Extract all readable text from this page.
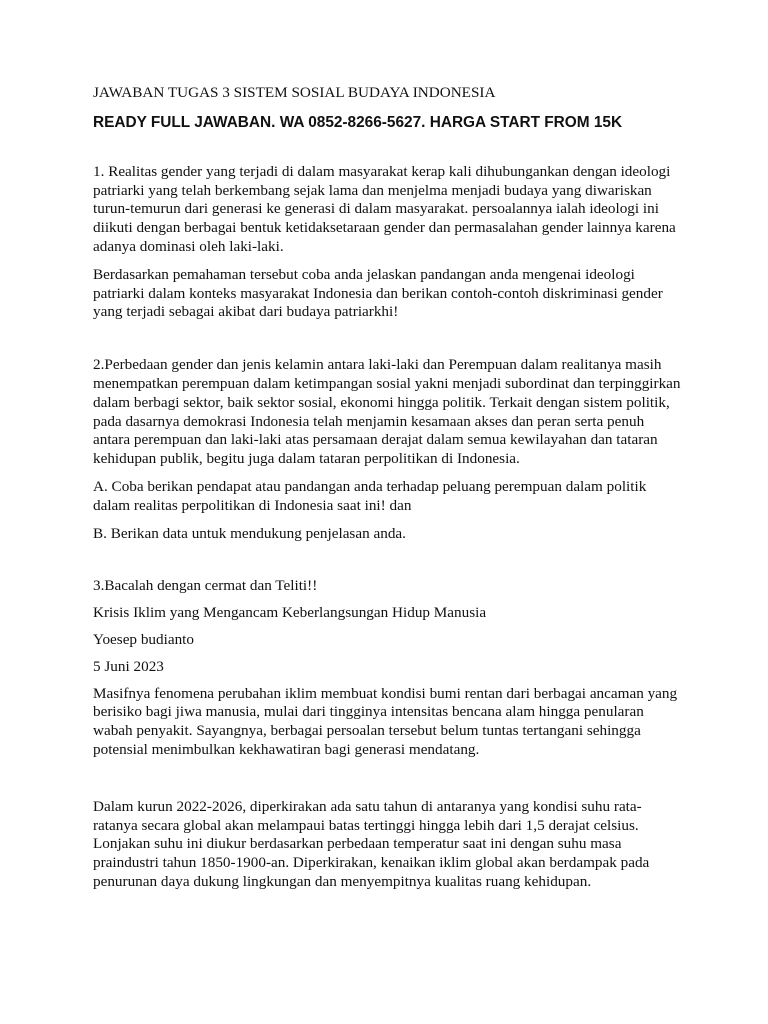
JAWABAN TUGAS 3 SISTEM SOSIAL BUDAYA INDONESIA

READY FULL JAWABAN. WA 0852-8266-5627. HARGA START FROM 15K

1. Realitas gender yang terjadi di dalam masyarakat kerap kali dihubungankan dengan ideologi patriarki yang telah berkembang sejak lama dan menjelma menjadi budaya yang diwariskan turun-temurun dari generasi ke generasi di dalam masyarakat. persoalannya ialah ideologi ini diikuti dengan berbagai bentuk ketidaksetaraan gender dan permasalahan gender lainnya karena adanya dominasi oleh laki-laki.

Berdasarkan pemahaman tersebut coba anda jelaskan pandangan anda mengenai ideologi patriarki dalam konteks masyarakat Indonesia dan berikan contoh-contoh diskriminasi gender yang terjadi sebagai akibat dari budaya patriarkhi!

2.Perbedaan gender dan jenis kelamin antara laki-laki dan Perempuan dalam realitanya masih menempatkan perempuan dalam ketimpangan sosial yakni menjadi subordinat dan terpinggirkan dalam berbagi sektor, baik sektor sosial, ekonomi hingga politik. Terkait dengan sistem politik, pada dasarnya demokrasi Indonesia telah menjamin kesamaan akses dan peran serta penuh antara perempuan dan laki-laki atas persamaan derajat dalam semua kewilayahan dan tataran kehidupan publik, begitu juga dalam tataran perpolitikan di Indonesia.

A. Coba berikan pendapat atau pandangan anda terhadap peluang perempuan dalam politik dalam realitas perpolitikan di Indonesia saat ini! dan

B. Berikan data untuk mendukung penjelasan anda.

3.Bacalah dengan cermat dan Teliti!!

Krisis Iklim yang Mengancam Keberlangsungan Hidup Manusia

Yoesep budianto

5 Juni 2023

Masifnya fenomena perubahan iklim membuat kondisi bumi rentan dari berbagai ancaman yang berisiko bagi jiwa manusia, mulai dari tingginya intensitas bencana alam hingga penularan wabah penyakit. Sayangnya, berbagai persoalan tersebut belum tuntas tertangani sehingga potensial menimbulkan kekhawatiran bagi generasi mendatang.

Dalam kurun 2022-2026, diperkirakan ada satu tahun di antaranya yang kondisi suhu rata-ratanya secara global akan melampaui batas tertinggi hingga lebih dari 1,5 derajat celsius. Lonjakan suhu ini diukur berdasarkan perbedaan temperatur saat ini dengan suhu masa praindustri tahun 1850-1900-an. Diperkirakan, kenaikan iklim global akan berdampak pada penurunan daya dukung lingkungan dan menyempitnya kualitas ruang kehidupan.
